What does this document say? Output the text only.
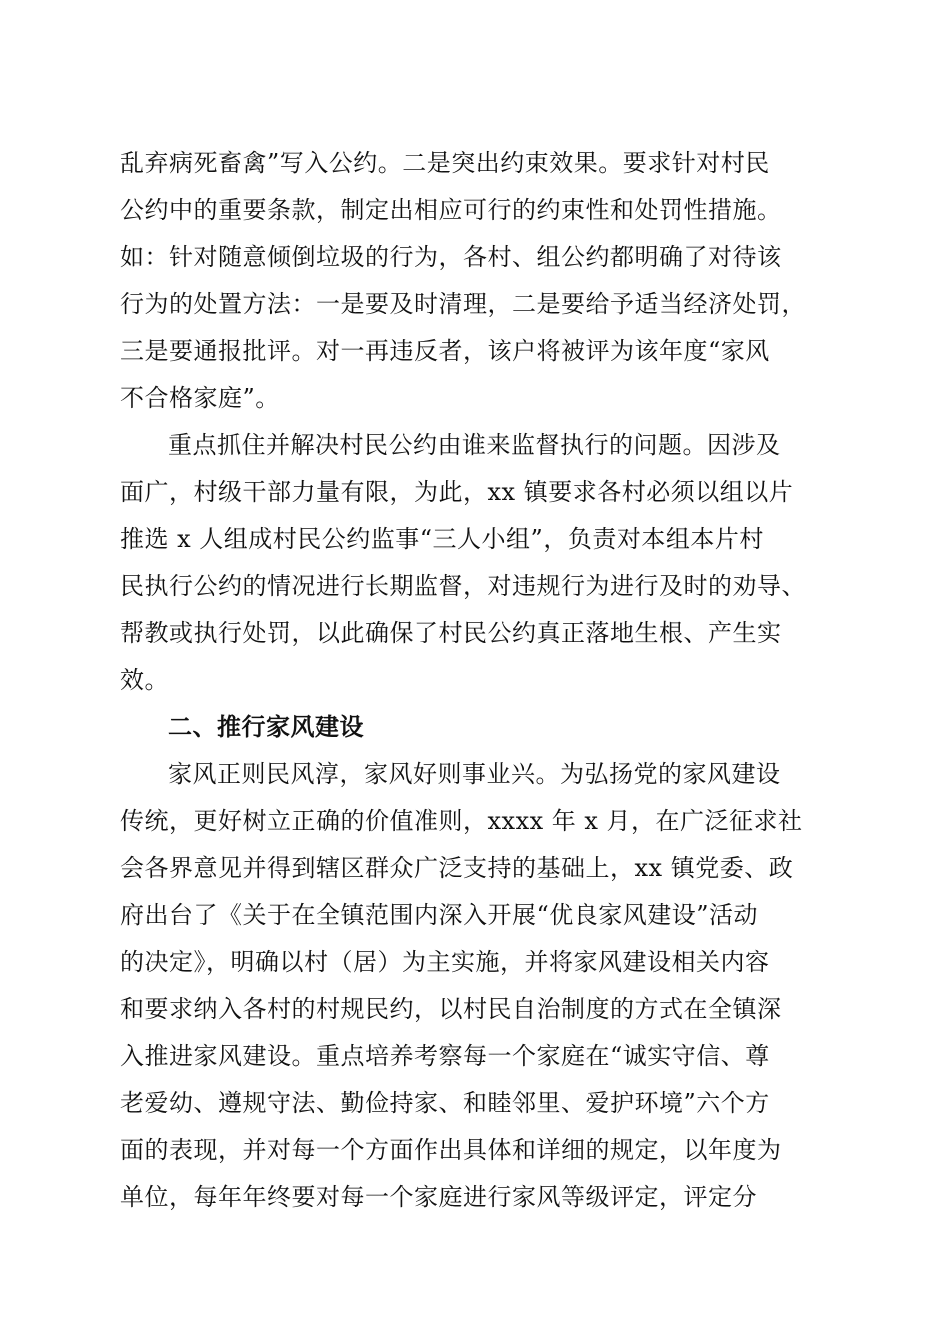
乱弃病死畜禽”写入公约。二是突出约束效果。要求针对村民
公约中的重要条款，制定出相应可行的约束性和处罚性措施。
如：针对随意倾倒垃圾的行为，各村、组公约都明确了对待该
行为的处置方法：一是要及时清理，二是要给予适当经济处罚，
三是要通报批评。对一再违反者，该户将被评为该年度“家风
不合格家庭”。
重点抓住并解决村民公约由谁来监督执行的问题。因涉及
面广，村级干部力量有限，为此，xx 镇要求各村必须以组以片
推选 x 人组成村民公约监事“三人小组”，负责对本组本片村
民执行公约的情况进行长期监督，对违规行为进行及时的劝导、
帮教或执行处罚，以此确保了村民公约真正落地生根、产生实
效。
二、推行家风建设
家风正则民风淳，家风好则事业兴。为弘扬党的家风建设
传统，更好树立正确的价值准则，xxxx 年 x 月，在广泛征求社
会各界意见并得到辖区群众广泛支持的基础上，xx 镇党委、政
府出台了《关于在全镇范围内深入开展“优良家风建设”活动
的决定》，明确以村（居）为主实施，并将家风建设相关内容
和要求纳入各村的村规民约，以村民自治制度的方式在全镇深
入推进家风建设。重点培养考察每一个家庭在“诚实守信、尊
老爱幼、遵规守法、勤俭持家、和睦邻里、爱护环境”六个方
面的表现，并对每一个方面作出具体和详细的规定，以年度为
单位，每年年终要对每一个家庭进行家风等级评定，评定分
